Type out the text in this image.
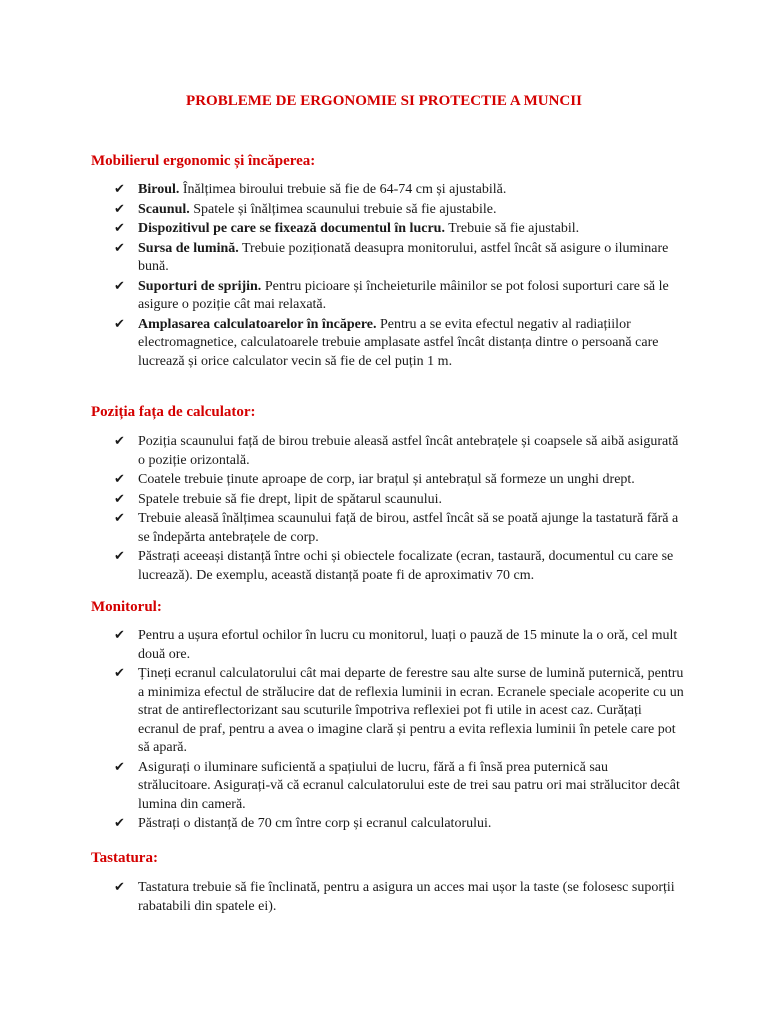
PROBLEME DE ERGONOMIE SI PROTECTIE A MUNCII
Mobilierul ergonomic și încăperea:
✔ Biroul. Înălțimea biroului trebuie să fie de 64-74 cm și ajustabilă.
✔ Scaunul. Spatele și înălțimea scaunului trebuie să fie ajustabile.
✔ Dispozitivul pe care se fixează documentul în lucru. Trebuie să fie ajustabil.
✔ Sursa de lumină. Trebuie poziționată deasupra monitorului, astfel încât să asigure o iluminare bună.
✔ Suporturi de sprijin. Pentru picioare și încheieturile mâinilor se pot folosi suporturi care să le asigure o poziție cât mai relaxată.
✔ Amplasarea calculatoarelor în încăpere. Pentru a se evita efectul negativ al radiațiilor electromagnetice, calculatoarele trebuie amplasate astfel încât distanța dintre o persoană care lucrează și orice calculator vecin să fie de cel puțin 1 m.
Poziția fața de calculator:
✔ Poziția scaunului față de birou trebuie aleasă astfel încât antebrațele și coapsele să aibă asigurată o poziție orizontală.
✔ Coatele trebuie ținute aproape de corp, iar brațul și antebrațul să formeze un unghi drept.
✔ Spatele trebuie să fie drept, lipit de spătarul scaunului.
✔ Trebuie aleasă înălțimea scaunului față de birou, astfel încât să se poată ajunge la tastatură fără a se îndepărta antebrațele de corp.
✔ Păstrați aceeași distanță între ochi și obiectele focalizate (ecran, tastaură, documentul cu care se lucrează). De exemplu, această distanță poate fi de aproximativ 70 cm.
Monitorul:
✔ Pentru a ușura efortul ochilor în lucru cu monitorul, luați o pauză de 15 minute la o oră, cel mult două ore.
✔ Țineți ecranul calculatorului cât mai departe de ferestre sau alte surse de lumină puternică, pentru a minimiza efectul de strălucire dat de reflexia luminii in ecran. Ecranele speciale acoperite cu un strat de antireflectorizant sau scuturile împotriva reflexiei pot fi utile in acest caz. Curățați ecranul de praf, pentru a avea o imagine clară și pentru a evita reflexia luminii în petele care pot să apară.
✔ Asigurați o iluminare suficientă a spațiului de lucru, fără a fi însă prea puternică sau strălucitoare. Asigurați-vă că ecranul calculatorului este de trei sau patru ori mai strălucitor decât lumina din cameră.
✔ Păstrați o distanță de 70 cm între corp și ecranul calculatorului.
Tastatura:
✔ Tastatura trebuie să fie înclinată, pentru a asigura un acces mai ușor la taste (se folosesc suporții rabatabili din spatele ei).
